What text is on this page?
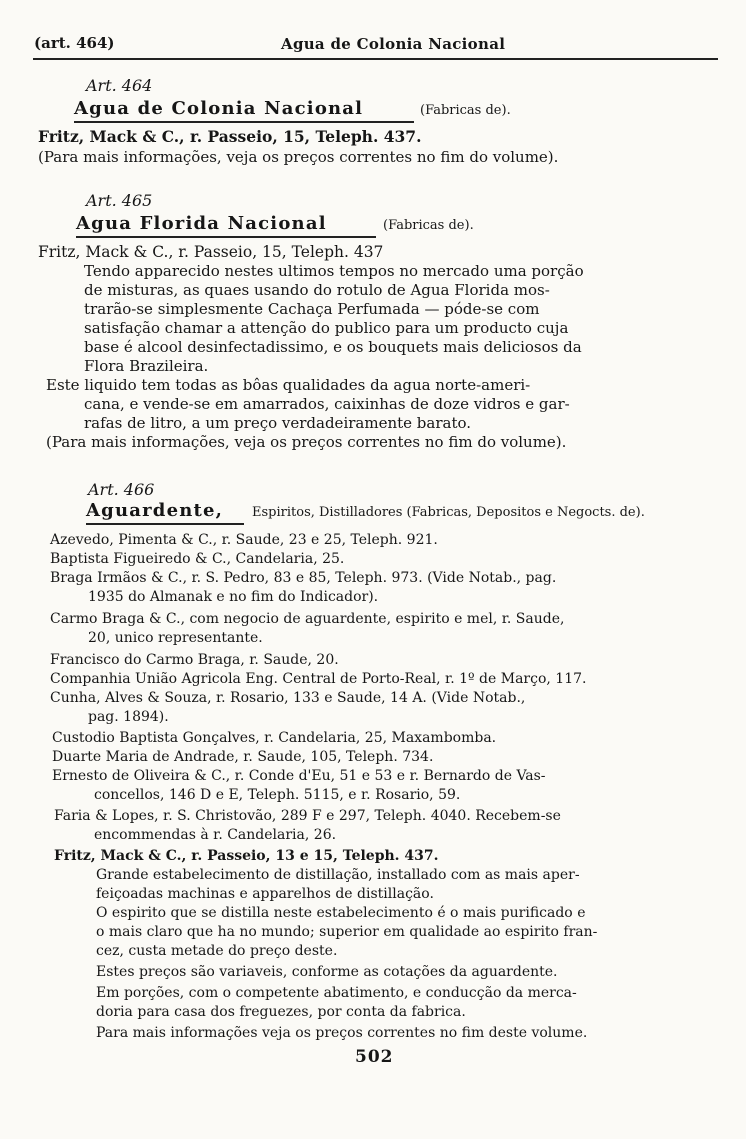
(art. 464)	Agua de Colonia Nacional
Art. 464
Agua de Colonia Nacional	(Fabricas de).
Fritz, Mack & C., r. Passeio, 15, Teleph. 437.
(Para mais informações, veja os preços correntes no fim do volume).
Art. 465
Agua Florida Nacional	(Fabricas de).
Fritz, Mack & C., r. Passeio, 15, Teleph. 437
Tendo apparecido nestes ultimos tempos no mercado uma porção
de misturas, as quaes usando do rotulo de Agua Florida mos-
trarão-se simplesmente Cachaça Perfumada — póde-se com
satisfação chamar a attenção do publico para um producto cuja
base é alcool desinfectadissimo, e os bouquets mais deliciosos da
Flora Brazileira.
Este liquido tem todas as bôas qualidades da agua norte-ameri-
cana, e vende-se em amarrados, caixinhas de doze vidros e gar-
rafas de litro, a um preço verdadeiramente barato.
(Para mais informações, veja os preços correntes no fim do volume).
Art. 466
Aguardente, Espiritos, Distilladores (Fabricas, Depositos e Negocts. de).
Azevedo, Pimenta & C., r. Saude, 23 e 25, Teleph. 921.
Baptista Figueiredo & C., Candelaria, 25.
Braga Irmãos & C., r. S. Pedro, 83 e 85, Teleph. 973. (Vide Notab., pag.
1935 do Almanak e no fim do Indicador).
Carmo Braga & C., com negocio de aguardente, espirito e mel, r. Saude,
20, unico representante.
Francisco do Carmo Braga, r. Saude, 20.
Companhia União Agricola Eng. Central de Porto-Real, r. 1º de Março, 117.
Cunha, Alves & Souza, r. Rosario, 133 e Saude, 14 A. (Vide Notab.,
pag. 1894).
Custodio Baptista Gonçalves, r. Candelaria, 25, Maxambomba.
Duarte Maria de Andrade, r. Saude, 105, Teleph. 734.
Ernesto de Oliveira & C., r. Conde d'Eu, 51 e 53 e r. Bernardo de Vas-
concellos, 146 D e E, Teleph. 5115, e r. Rosario, 59.
Faria & Lopes, r. S. Christovão, 289 F e 297, Teleph. 4040. Recebem-se
encommendas à r. Candelaria, 26.
Fritz, Mack & C., r. Passeio, 13 e 15, Teleph. 437.
Grande estabelecimento de distillação, installado com as mais aper-
feiçoadas machinas e apparelhos de distillação.
O espirito que se distilla neste estabelecimento é o mais purificado e
o mais claro que ha no mundo; superior em qualidade ao espirito fran-
cez, custa metade do preço deste.
Estes preços são variaveis, conforme as cotações da aguardente.
Em porções, com o competente abatimento, e conducção da merca-
doria para casa dos freguezes, por conta da fabrica.
Para mais informações veja os preços correntes no fim deste volume.
502
